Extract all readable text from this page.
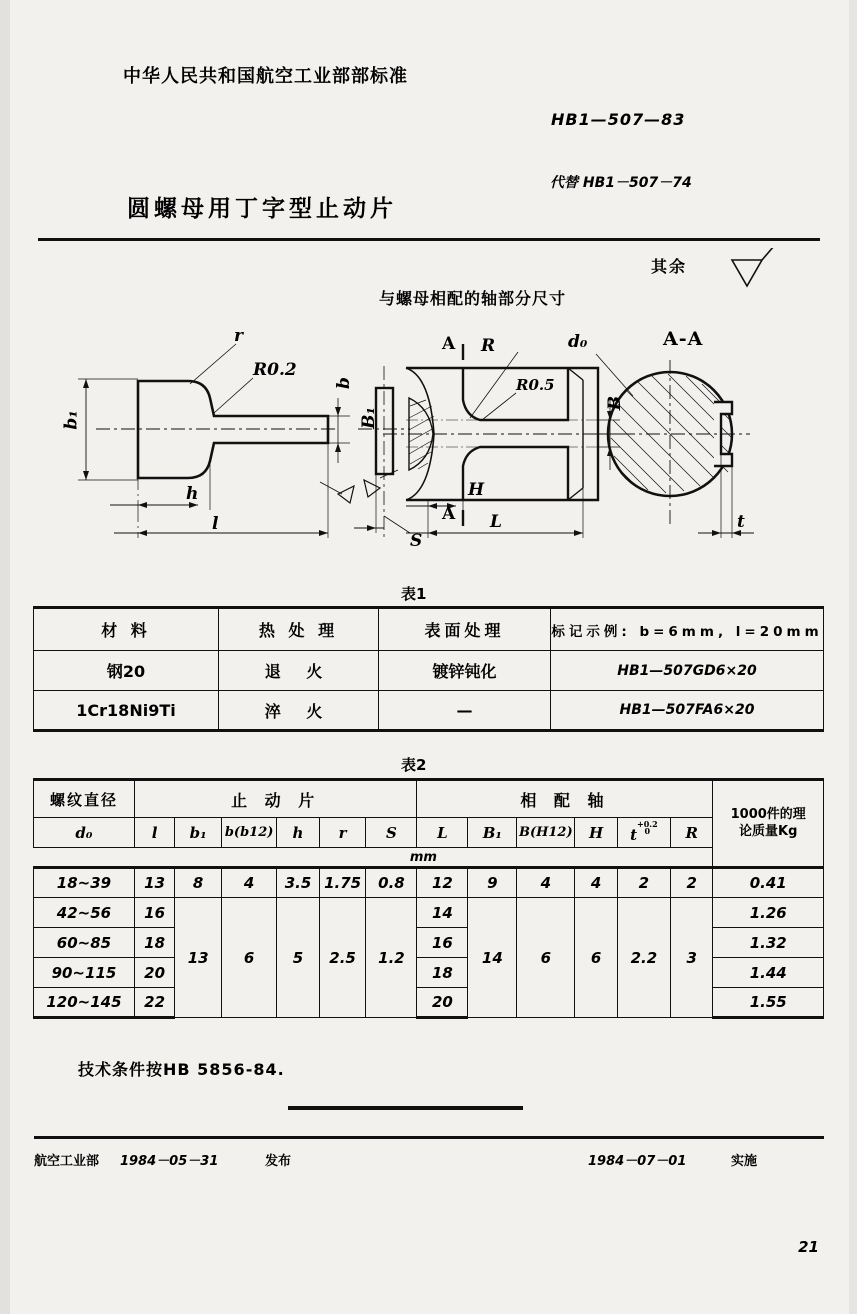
中华人民共和国航空工业部部标准
HB1—507—83
代替 HB1－507－74
圆螺母用丁字型止动片
r
R0.2
b₁
b
h
l
S
与螺母相配的轴部分尺寸
其余
A
A
R
R0.5
B
B₁
H
L
d₀
t
A-A
表1
材 料	热 处 理	表面处理	标记示例: b=6mm, l=20mm
钢20	退 火	镀锌钝化	HB1—507GD6×20
1Cr18Ni9Ti	淬 火	—	HB1—507FA6×20
表2
螺纹直径	止 动 片						相 配 轴						1000件的理
论质量Kg

d₀	l	b₁	b(b12)	h	r	S	L	B₁	B(H12)	H	$t^{+0.2 0}$	R	
	mm												
18~39	13	8	4	3.5	1.75	0.8	12	9	4	4	2	2	0.41
42~56	16	13	6	5	2.5	1.2	14	14	6	6	2.2	3	1.26
60~85	18						16						1.32
90~115	20						18						1.44
120~145	22						20						1.55
技术条件按HB 5856-84.
航空工业部 1984－05－31	发布	1984－07－01	实施
21
